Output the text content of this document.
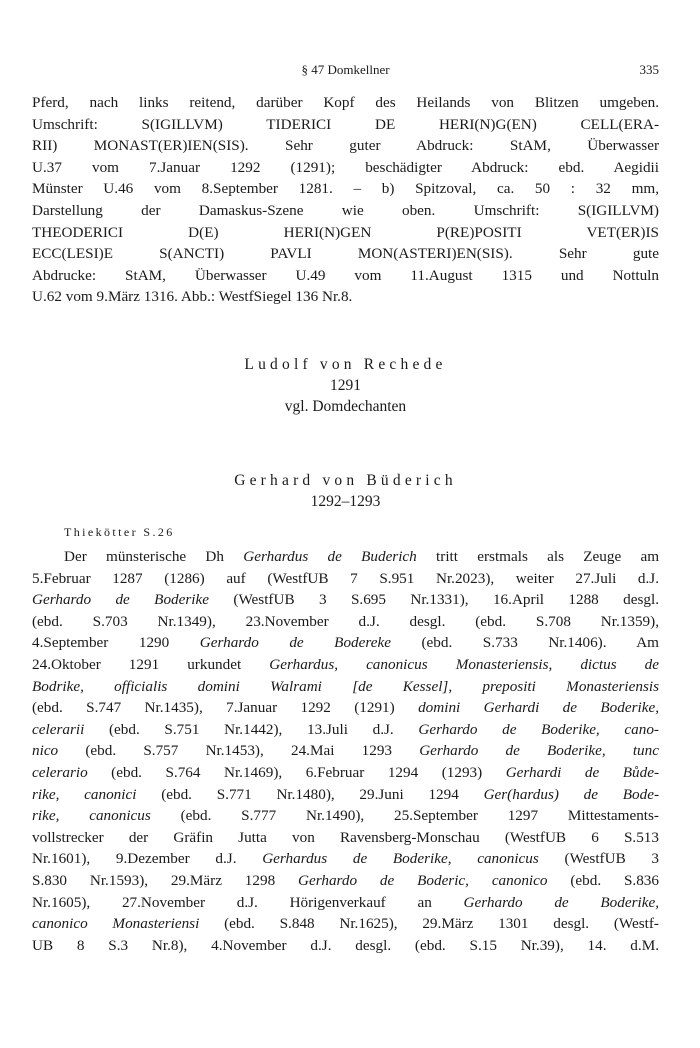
§ 47 Domkellner	335
Pferd, nach links reitend, darüber Kopf des Heilands von Blitzen umgeben.
Umschrift: S(IGILLVM) TIDERICI DE HERI(N)G(EN) CELL(ERA-
RII) MONAST(ER)IEN(SIS). Sehr guter Abdruck: StAM, Überwasser
U.37 vom 7.Januar 1292 (1291); beschädigter Abdruck: ebd. Aegidii
Münster U.46 vom 8.September 1281. – b) Spitzoval, ca. 50 : 32 mm,
Darstellung der Damaskus-Szene wie oben. Umschrift: S(IGILLVM)
THEODERICI D(E) HERI(N)GEN P(RE)POSITI VET(ER)IS
ECC(LESI)E S(ANCTI) PAVLI MON(ASTERI)EN(SIS). Sehr gute
Abdrucke: StAM, Überwasser U.49 vom 11.August 1315 und Nottuln
U.62 vom 9.März 1316. Abb.: WestfSiegel 136 Nr.8.
Ludolf von Rechede
1291
vgl. Domdechanten
Gerhard von Büderich
1292–1293
Thiekötter S.26
Der münsterische Dh Gerhardus de Buderich tritt erstmals als Zeuge am
5.Februar 1287 (1286) auf (WestfUB 7 S.951 Nr.2023), weiter 27.Juli d.J.
Gerhardo de Boderike (WestfUB 3 S.695 Nr.1331), 16.April 1288 desgl.
(ebd. S.703 Nr.1349), 23.November d.J. desgl. (ebd. S.708 Nr.1359),
4.September 1290 Gerhardo de Bodereke (ebd. S.733 Nr.1406). Am
24.Oktober 1291 urkundet Gerhardus, canonicus Monasteriensis, dictus de
Bodrike, officialis domini Walrami [de Kessel], prepositi Monasteriensis
(ebd. S.747 Nr.1435), 7.Januar 1292 (1291) domini Gerhardi de Boderike,
celerarii (ebd. S.751 Nr.1442), 13.Juli d.J. Gerhardo de Boderike, cano-
nico (ebd. S.757 Nr.1453), 24.Mai 1293 Gerhardo de Boderike, tunc
celerario (ebd. S.764 Nr.1469), 6.Februar 1294 (1293) Gerhardi de Bůde-
rike, canonici (ebd. S.771 Nr.1480), 29.Juni 1294 Ger(hardus) de Bode-
rike, canonicus (ebd. S.777 Nr.1490), 25.September 1297 Mittestaments-
vollstrecker der Gräfin Jutta von Ravensberg-Monschau (WestfUB 6 S.513
Nr.1601), 9.Dezember d.J. Gerhardus de Boderike, canonicus (WestfUB 3
S.830 Nr.1593), 29.März 1298 Gerhardo de Boderic, canonico (ebd. S.836
Nr.1605), 27.November d.J. Hörigenverkauf an Gerhardo de Boderike,
canonico Monasteriensi (ebd. S.848 Nr.1625), 29.März 1301 desgl. (Westf-
UB 8 S.3 Nr.8), 4.November d.J. desgl. (ebd. S.15 Nr.39), 14. d.M.
